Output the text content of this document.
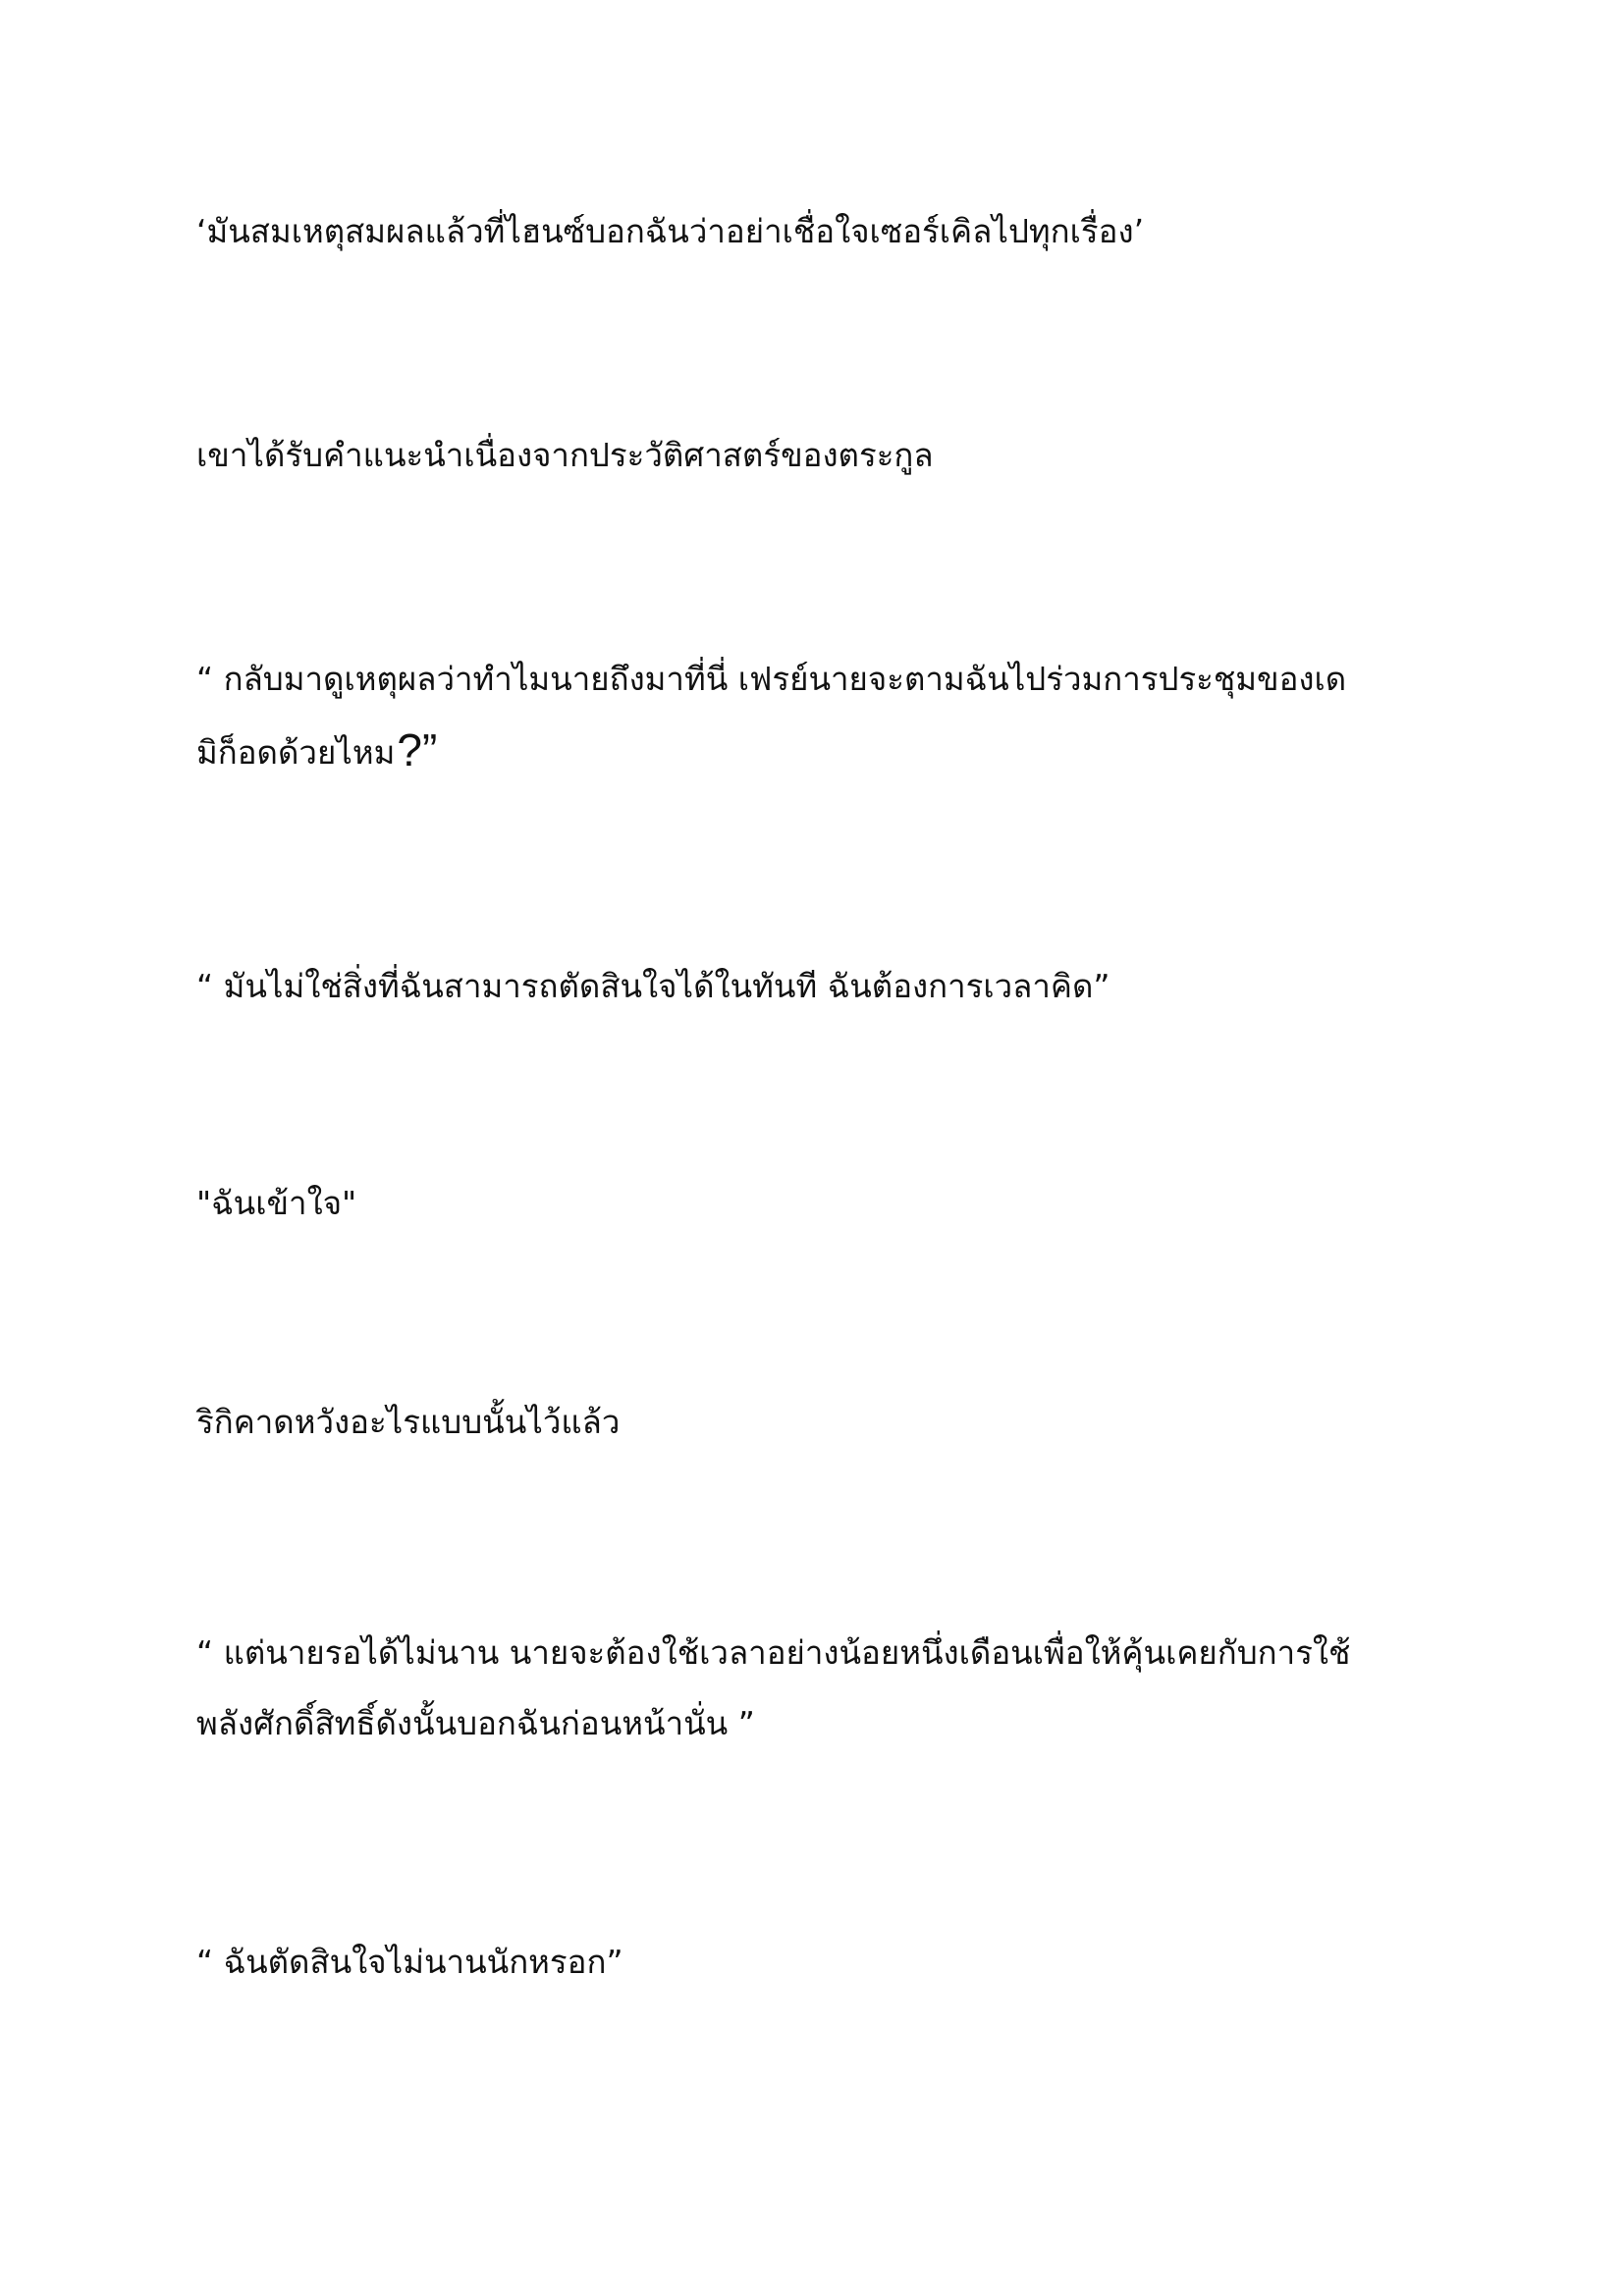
‘มันสมเหตุสมผลแล้วที่ไฮนซ์บอกฉันว่าอย่าเชื่อใจเซอร์เคิลไปทุกเรื่อง’

เขาได้รับคำแนะนำเนื่องจากประวัติศาสตร์ของตระกูล

“ กลับมาดูเหตุผลว่าทำไมนายถึงมาที่นี่ เฟรย์นายจะตามฉันไปร่วมการประชุมของเด
มิก็อดด้วยไหม?”

“ มันไม่ใช่สิ่งที่ฉันสามารถตัดสินใจได้ในทันที ฉันต้องการเวลาคิด”

"ฉันเข้าใจ"

ริกิคาดหวังอะไรแบบนั้นไว้แล้ว

“ แต่นายรอได้ไม่นาน นายจะต้องใช้เวลาอย่างน้อยหนึ่งเดือนเพื่อให้คุ้นเคยกับการใช้
พลังศักดิ์สิทธิ์ดังนั้นบอกฉันก่อนหน้านั่น ”

“ ฉันตัดสินใจไม่นานนักหรอก”
